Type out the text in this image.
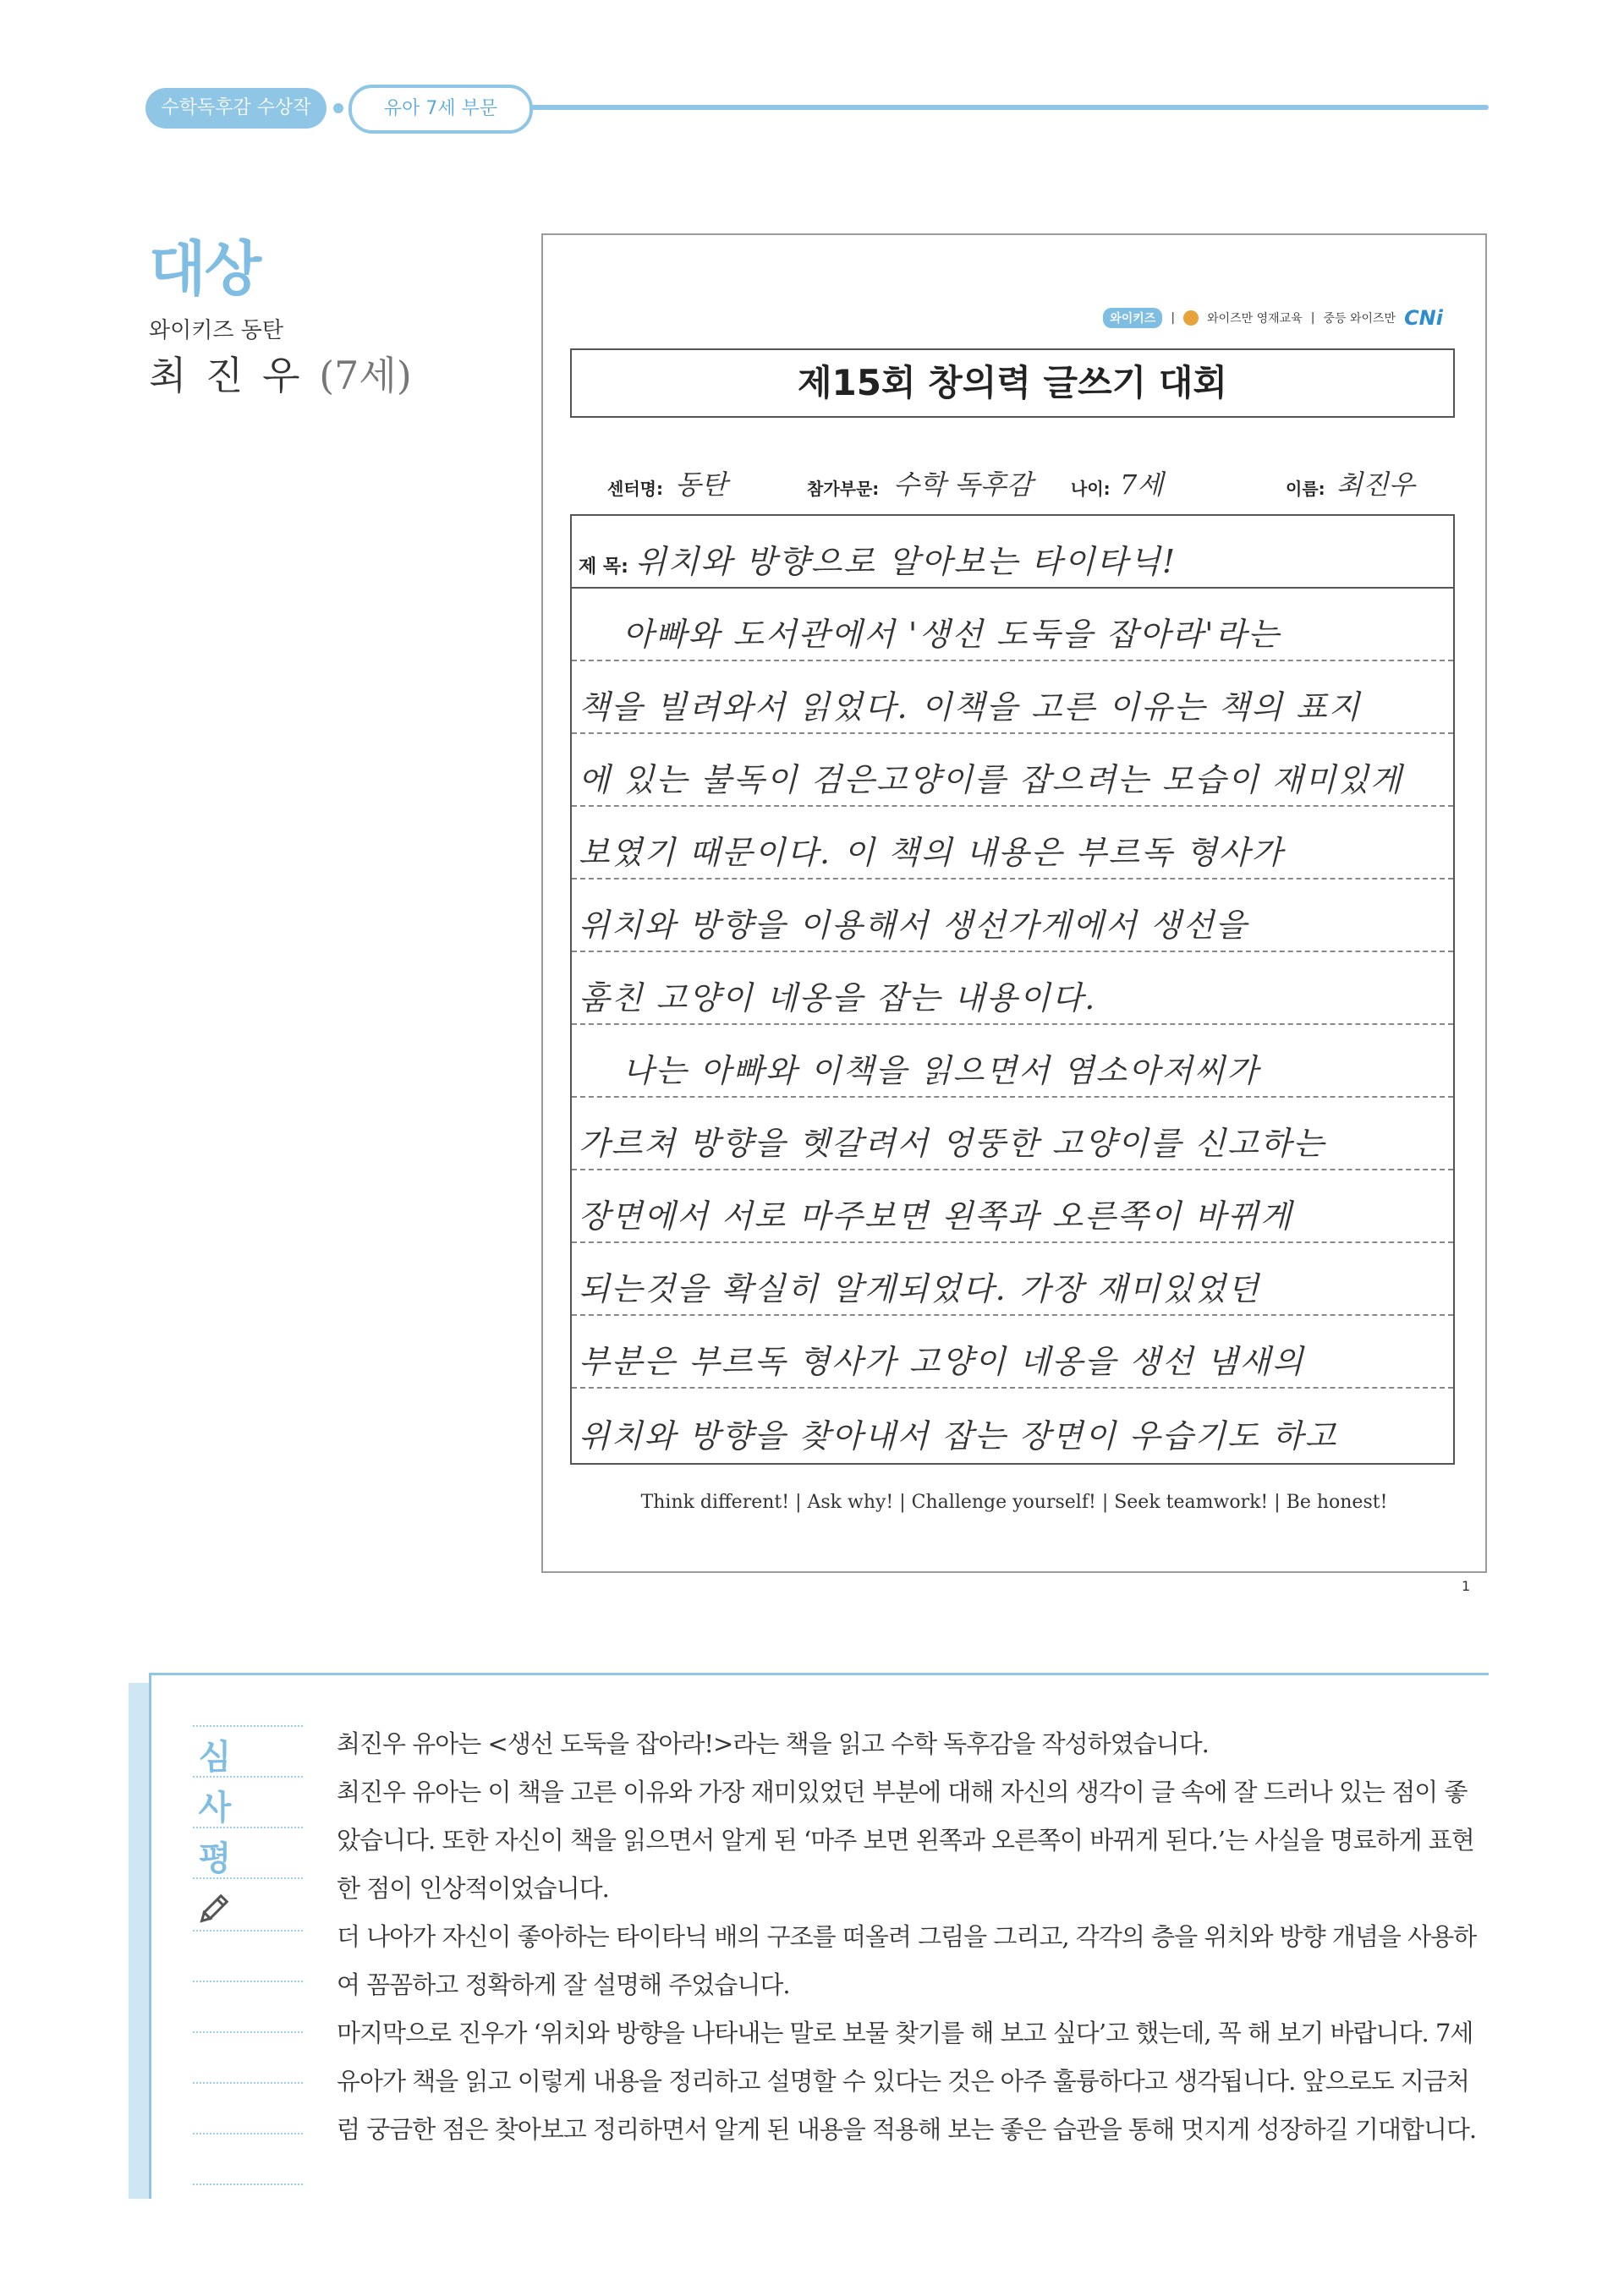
수학독후감 수상작	유아 7세 부문
대상
와이키즈 동탄
최 진 우 (7세)
와이키즈	|	와이즈만 영재교육 | 중등 와이즈만 CNi
제15회 창의력 글쓰기 대회
센터명: 동탄	참가부문: 수학 독후감 나이: 7세	이름: 최진우
제 목: 위치와 방향으로 알아보는 타이타닉!
아빠와 도서관에서 '생선 도둑을 잡아라'라는
책을 빌려와서 읽었다. 이책을 고른 이유는 책의 표지
에 있는 불독이 검은고양이를 잡으려는 모습이 재미있게
보였기 때문이다. 이 책의 내용은 부르독 형사가
위치와 방향을 이용해서 생선가게에서 생선을
훔친 고양이 네옹을 잡는 내용이다.
나는 아빠와 이책을 읽으면서 염소아저씨가
가르쳐 방향을 헷갈려서 엉뚱한 고양이를 신고하는
장면에서 서로 마주보면 왼쪽과 오른쪽이 바뀌게
되는것을 확실히 알게되었다. 가장 재미있었던
부분은 부르독 형사가 고양이 네옹을 생선 냄새의
위치와 방향을 찾아내서 잡는 장면이 우습기도 하고
Think different! | Ask why! | Challenge yourself! | Seek teamwork! | Be honest!
1
심
사
평

최진우 유아는 <생선 도둑을 잡아라!>라는 책을 읽고 수학 독후감을 작성하였습니다.

최진우 유아는 이 책을 고른 이유와 가장 재미있었던 부분에 대해 자신의 생각이 글 속에 잘 드러나 있는 점이 좋았습니다. 또한 자신이 책을 읽으면서 알게 된 ‘마주 보면 왼쪽과 오른쪽이 바뀌게 된다.’는 사실을 명료하게 표현한 점이 인상적이었습니다.

더 나아가 자신이 좋아하는 타이타닉 배의 구조를 떠올려 그림을 그리고, 각각의 층을 위치와 방향 개념을 사용하여 꼼꼼하고 정확하게 잘 설명해 주었습니다.

마지막으로 진우가 ‘위치와 방향을 나타내는 말로 보물 찾기를 해 보고 싶다’고 했는데, 꼭 해 보기 바랍니다. 7세 유아가 책을 읽고 이렇게 내용을 정리하고 설명할 수 있다는 것은 아주 훌륭하다고 생각됩니다. 앞으로도 지금처럼 궁금한 점은 찾아보고 정리하면서 알게 된 내용을 적용해 보는 좋은 습관을 통해 멋지게 성장하길 기대합니다.
